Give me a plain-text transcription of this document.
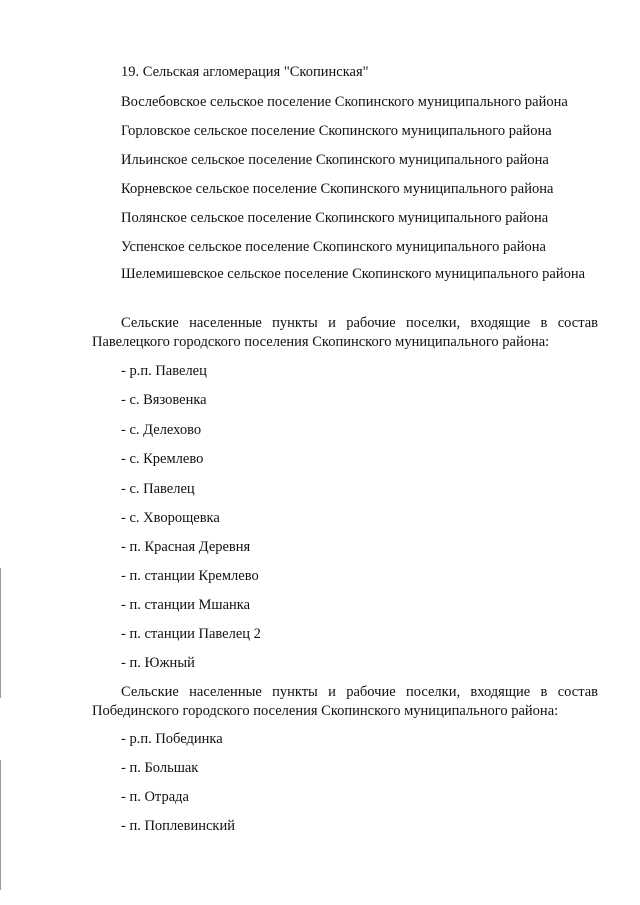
19. Сельская агломерация "Скопинская"
Вослебовское сельское поселение Скопинского муниципального района
Горловское сельское поселение Скопинского муниципального района
Ильинское сельское поселение Скопинского муниципального района
Корневское сельское поселение Скопинского муниципального района
Полянское сельское поселение Скопинского муниципального района
Успенское сельское поселение Скопинского муниципального района
Шелемишевское сельское поселение Скопинского муниципального района
Сельские населенные пункты и рабочие поселки, входящие в состав Павелецкого городского поселения Скопинского муниципального района:
- р.п. Павелец
- с. Вязовенка
- с. Делехово
- с. Кремлево
- с. Павелец
- с. Хворощевка
- п. Красная Деревня
- п. станции Кремлево
- п. станции Мшанка
- п. станции Павелец 2
- п. Южный
Сельские населенные пункты и рабочие поселки, входящие в состав Побединского городского поселения Скопинского муниципального района:
- р.п. Побединка
- п. Большак
- п. Отрада
- п. Поплевинский
